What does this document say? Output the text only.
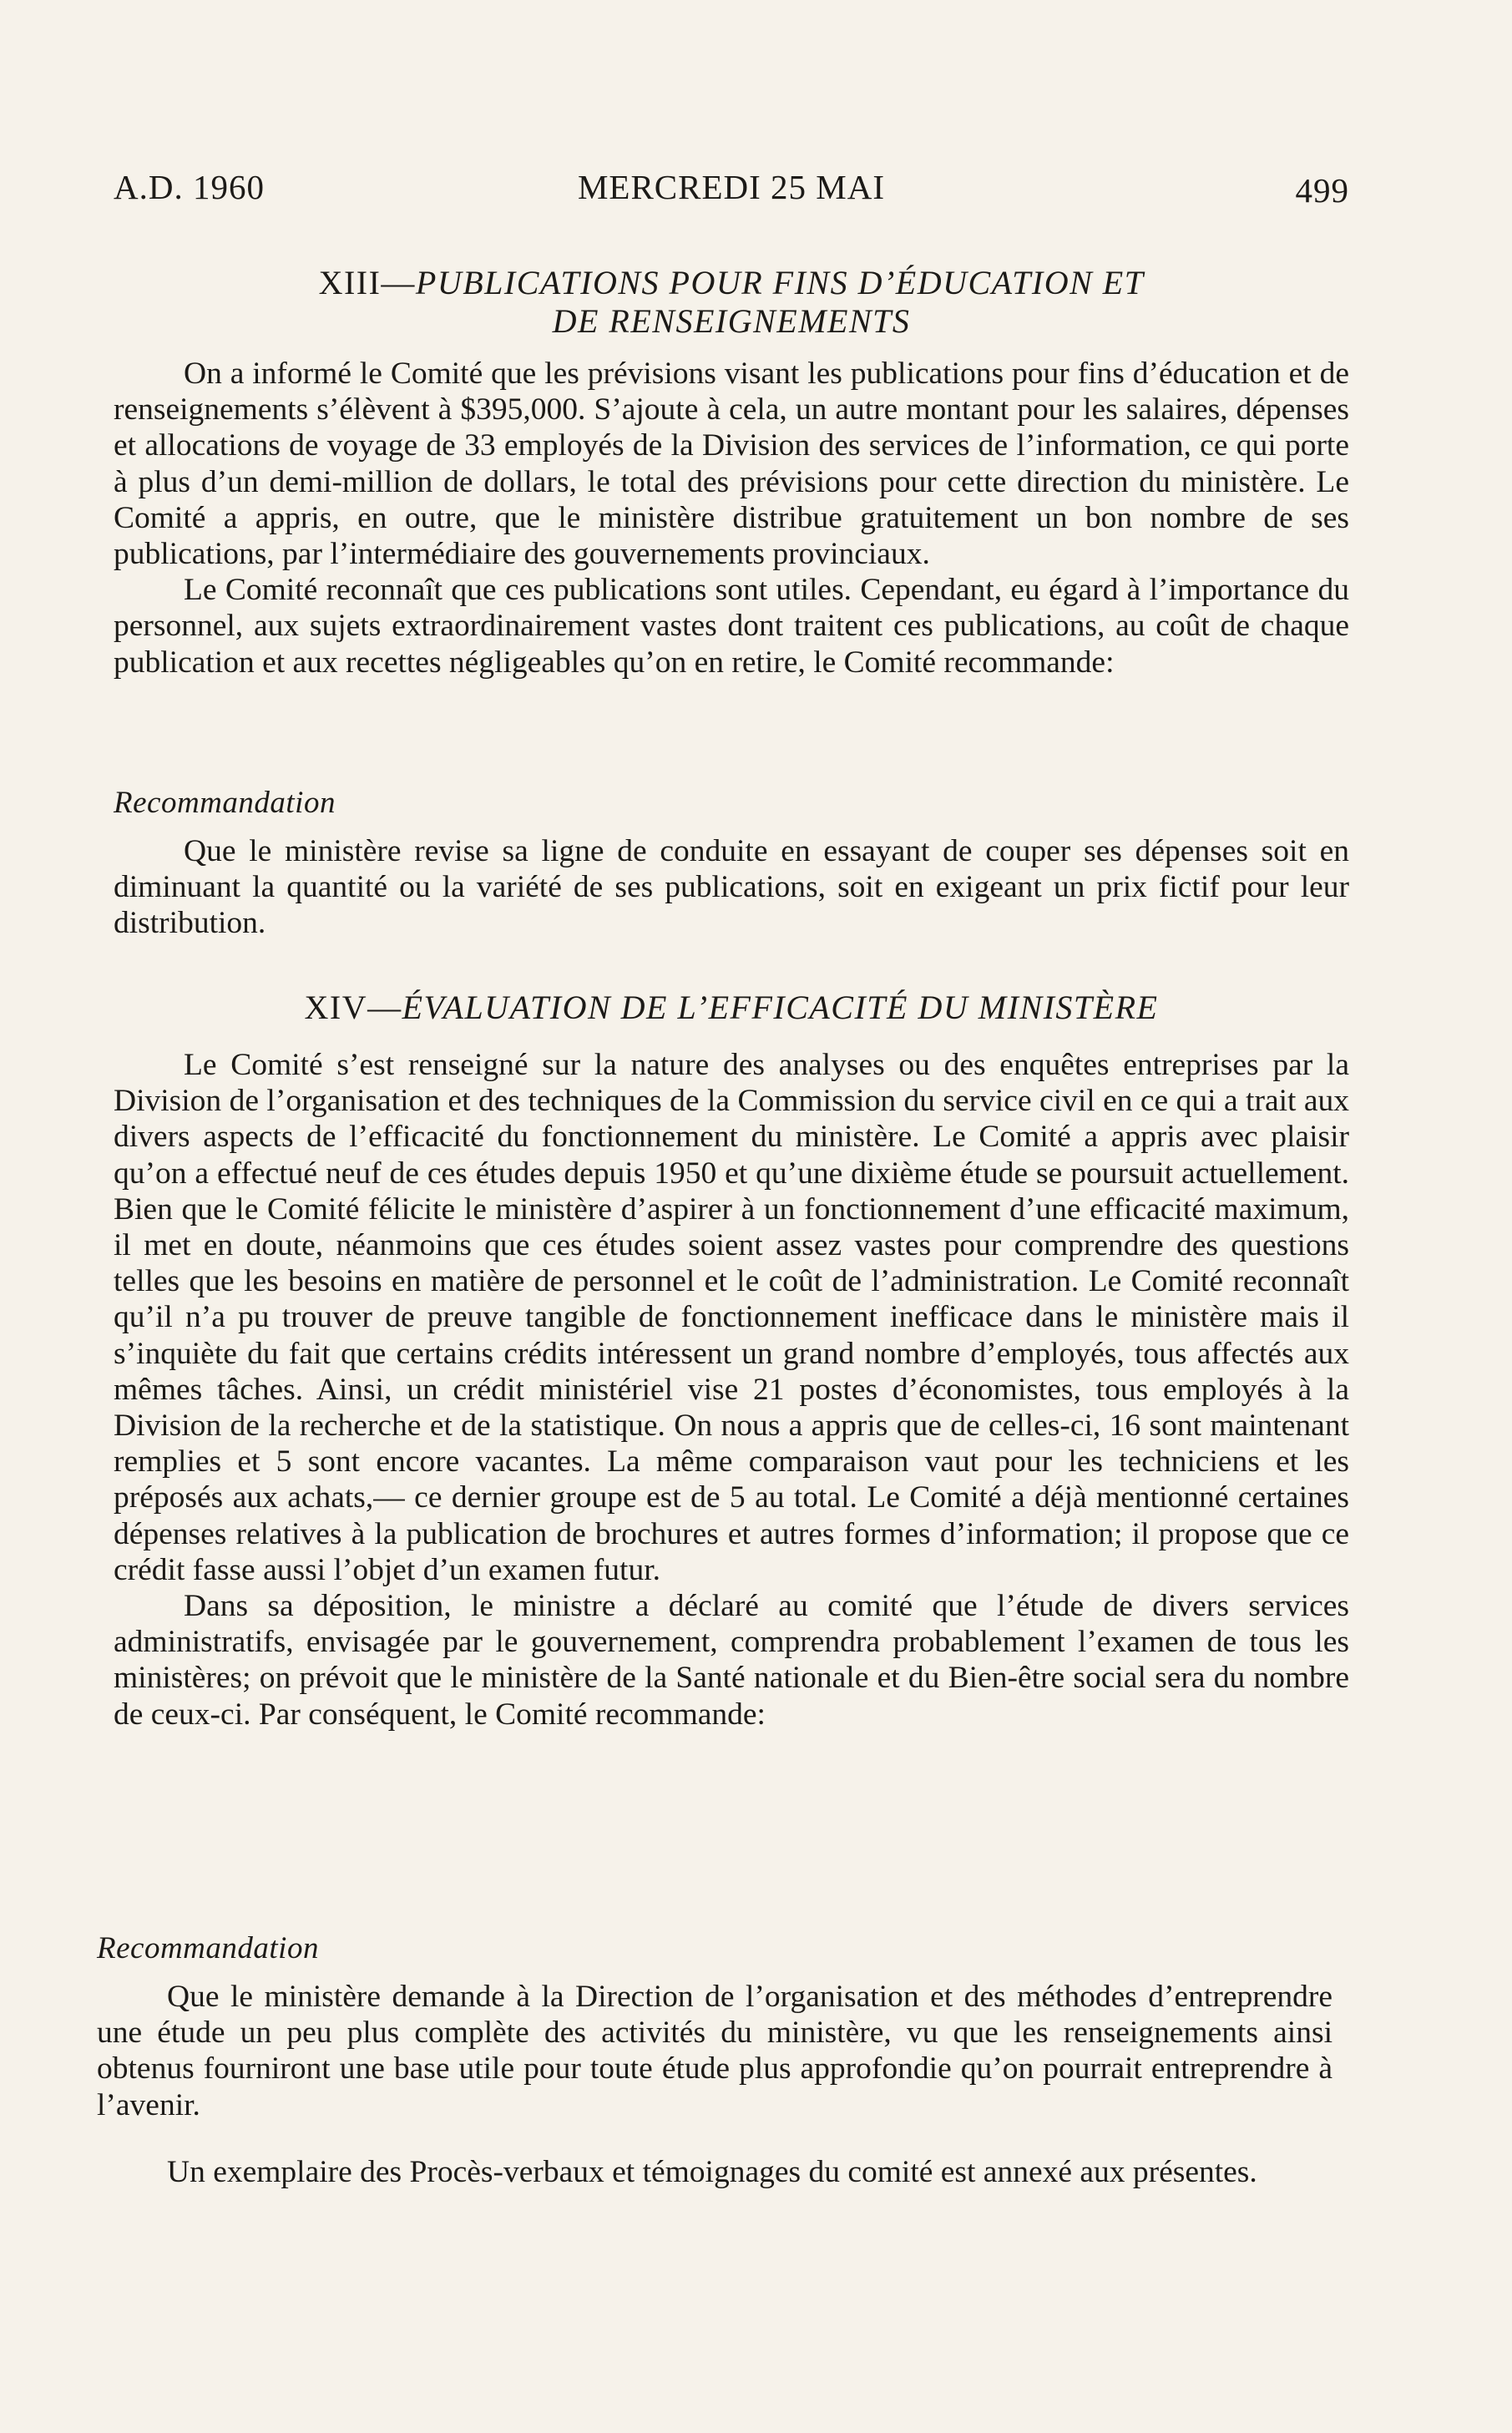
A.D. 1960	MERCREDI 25 MAI	499
XIII—PUBLICATIONS POUR FINS D’ÉDUCATION ET
DE RENSEIGNEMENTS

On a informé le Comité que les prévisions visant les publications pour fins d’éducation et de renseignements s’élèvent à $395,000. S’ajoute à cela, un autre montant pour les salaires, dépenses et allocations de voyage de 33 employés de la Division des services de l’information, ce qui porte à plus d’un demi-million de dollars, le total des prévisions pour cette direction du ministère. Le Comité a appris, en outre, que le ministère distribue gratuitement un bon nombre de ses publications, par l’intermédiaire des gouvernements provinciaux.

Le Comité reconnaît que ces publications sont utiles. Cependant, eu égard à l’importance du personnel, aux sujets extraordinairement vastes dont traitent ces publications, au coût de chaque publication et aux recettes négligeables qu’on en retire, le Comité recommande:

Recommandation

Que le ministère revise sa ligne de conduite en essayant de couper ses dépenses soit en diminuant la quantité ou la variété de ses publications, soit en exigeant un prix fictif pour leur distribution.

XIV—ÉVALUATION DE L’EFFICACITÉ DU MINISTÈRE

Le Comité s’est renseigné sur la nature des analyses ou des enquêtes entreprises par la Division de l’organisation et des techniques de la Commission du service civil en ce qui a trait aux divers aspects de l’efficacité du fonctionnement du ministère. Le Comité a appris avec plaisir qu’on a effectué neuf de ces études depuis 1950 et qu’une dixième étude se poursuit actuellement. Bien que le Comité félicite le ministère d’aspirer à un fonctionnement d’une efficacité maximum, il met en doute, néanmoins que ces études soient assez vastes pour comprendre des questions telles que les besoins en matière de personnel et le coût de l’administration. Le Comité reconnaît qu’il n’a pu trouver de preuve tangible de fonctionnement inefficace dans le ministère mais il s’inquiète du fait que certains crédits intéressent un grand nombre d’employés, tous affectés aux mêmes tâches. Ainsi, un crédit ministériel vise 21 postes d’économistes, tous employés à la Division de la recherche et de la statistique. On nous a appris que de celles-ci, 16 sont maintenant remplies et 5 sont encore vacantes. La même comparaison vaut pour les techniciens et les préposés aux achats,— ce dernier groupe est de 5 au total. Le Comité a déjà mentionné certaines dépenses relatives à la publication de brochures et autres formes d’information; il propose que ce crédit fasse aussi l’objet d’un examen futur.

Dans sa déposition, le ministre a déclaré au comité que l’étude de divers services administratifs, envisagée par le gouvernement, comprendra probablement l’examen de tous les ministères; on prévoit que le ministère de la Santé nationale et du Bien-être social sera du nombre de ceux-ci. Par conséquent, le Comité recommande:

Recommandation

Que le ministère demande à la Direction de l’organisation et des méthodes d’entreprendre une étude un peu plus complète des activités du ministère, vu que les renseignements ainsi obtenus fourniront une base utile pour toute étude plus approfondie qu’on pourrait entreprendre à l’avenir.

Un exemplaire des Procès-verbaux et témoignages du comité est annexé aux présentes.
